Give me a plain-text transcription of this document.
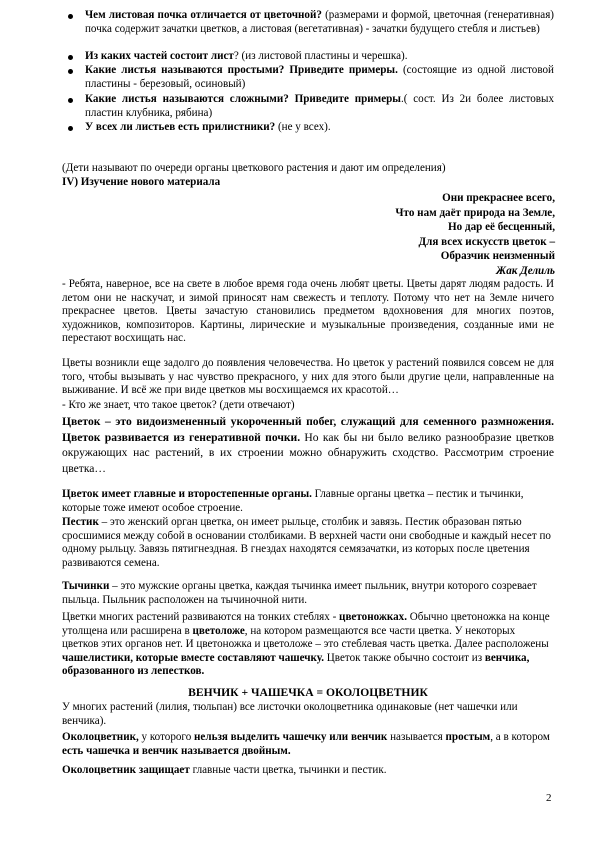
Чем листовая почка отличается от цветочной? (размерами и формой, цветочная (генеративная) почка содержит зачатки цветков, а листовая (вегетативная) - зачатки будущего стебля и листьев)
Из каких частей состоит лист? (из листовой пластины и черешка).
Какие листья называются простыми? Приведите примеры. (состоящие из одной листовой пластины - березовый, осиновый)
Какие листья называются сложными? Приведите примеры.( сост. Из 2и более листовых пластин клубника, рябина)
У всех ли листьев есть прилистники? (не у всех).
(Дети называют по очереди органы цветкового растения и дают им определения)
IV) Изучение нового материала
Они прекраснее всего,
Что нам даёт природа на Земле,
Но дар её бесценный,
Для всех искусств цветок –
Образчик неизменный
Жак Делиль
- Ребята, наверное, все на свете в любое время года очень любят цветы. Цветы дарят людям радость. И летом они не наскучат, и зимой приносят нам свежесть и теплоту. Потому что нет на Земле ничего прекраснее цветов. Цветы зачастую становились предметом вдохновения для многих поэтов, художников, композиторов. Картины, лирические и музыкальные произведения, созданные ими не перестают восхищать нас.
Цветы возникли еще задолго до появления человечества. Но цветок у растений появился совсем не для того, чтобы вызывать у нас чувство прекрасного, у них для этого были другие цели, направленные на выживание. И всё же при виде цветков мы восхищаемся их красотой…
- Кто же знает, что такое цветок? (дети отвечают)
Цветок – это видоизмененный укороченный побег, служащий для семенного размножения. Цветок развивается из генеративной почки. Но как бы ни было велико разнообразие цветков окружающих нас растений, в их строении можно обнаружить сходство. Рассмотрим строение цветка…
Цветок имеет главные и второстепенные органы. Главные органы цветка – пестик и тычинки, которые тоже имеют особое строение.
Пестик – это женский орган цветка, он имеет рыльце, столбик и завязь. Пестик образован пятью сросшимися между собой в основании столбиками. В верхней части они свободные и каждый несет по одному рыльцу. Завязь пятигнездная. В гнездах находятся семязачатки, из которых после цветения развиваются семена.
Тычинки – это мужские органы цветка, каждая тычинка имеет пыльник, внутри которого созревает пыльца. Пыльник расположен на тычиночной нити.
Цветки многих растений развиваются на тонких стеблях - цветоножках. Обычно цветоножка на конце утолщена или расширена в цветоложе, на котором размещаются все части цветка. У некоторых цветков этих органов нет. И цветоножка и цветоложе – это стеблевая часть цветка. Далее расположены чашелистики, которые вместе составляют чашечку. Цветок также обычно состоит из венчика, образованного из лепестков.
ВЕНЧИК + ЧАШЕЧКА = ОКОЛОЦВЕТНИК
У многих растений (лилия, тюльпан) все листочки околоцветника одинаковые (нет чашечки или венчика).
Околоцветник, у которого нельзя выделить чашечку или венчик называется простым, а в котором есть чашечка и венчик называется двойным.
Околоцветник защищает главные части цветка, тычинки и пестик.
2
